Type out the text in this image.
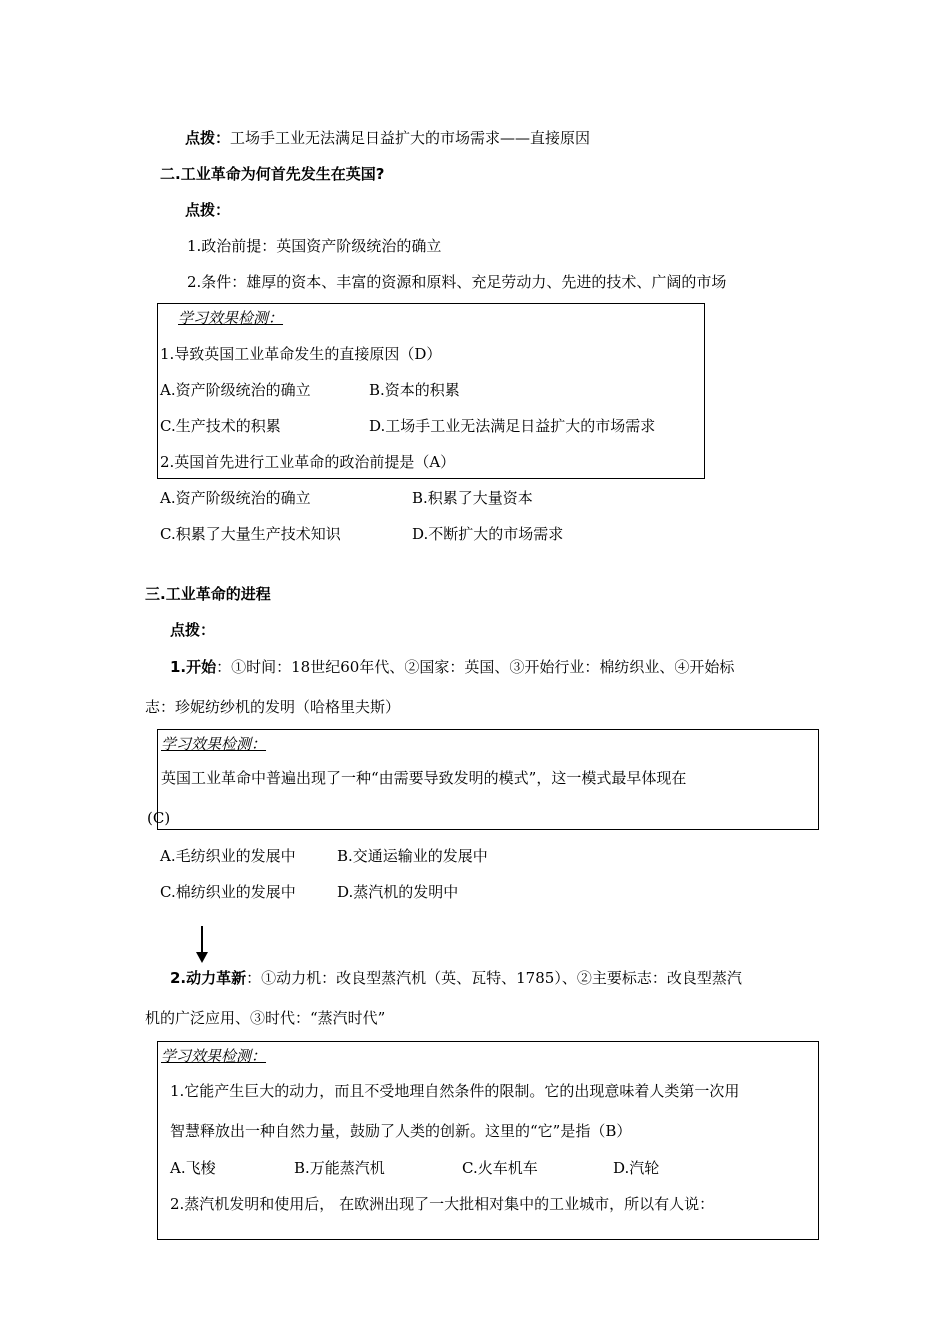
点拨：工场手工业无法满足日益扩大的市场需求——直接原因
二.工业革命为何首先发生在英国?
点拨：
1.政治前提：英国资产阶级统治的确立
2.条件：雄厚的资本、丰富的资源和原料、充足劳动力、先进的技术、广阔的市场
学习效果检测：
1.导致英国工业革命发生的直接原因（D）
A.资产阶级统治的确立	B.资本的积累
C.生产技术的积累	D.工场手工业无法满足日益扩大的市场需求
2.英国首先进行工业革命的政治前提是（A）
A.资产阶级统治的确立	B.积累了大量资本
C.积累了大量生产技术知识	D.不断扩大的市场需求
三.工业革命的进程
点拨：
1.开始：①时间：18世纪60年代、②国家：英国、③开始行业：棉纺织业、④开始标
志：珍妮纺纱机的发明（哈格里夫斯）
学习效果检测：
英国工业革命中普遍出现了一种“由需要导致发明的模式”，这一模式最早体现在
(C)
A.毛纺织业的发展中	B.交通运输业的发展中
C.棉纺织业的发展中	D.蒸汽机的发明中
2.动力革新：①动力机：改良型蒸汽机（英、瓦特、1785）、②主要标志：改良型蒸汽
机的广泛应用、③时代：“蒸汽时代”
学习效果检测：
1.它能产生巨大的动力，而且不受地理自然条件的限制。它的出现意味着人类第一次用
智慧释放出一种自然力量，鼓励了人类的创新。这里的“它”是指（B）
A.飞梭	B.万能蒸汽机	C.火车机车	D.汽轮
2.蒸汽机发明和使用后， 在欧洲出现了一大批相对集中的工业城市，所以有人说：
